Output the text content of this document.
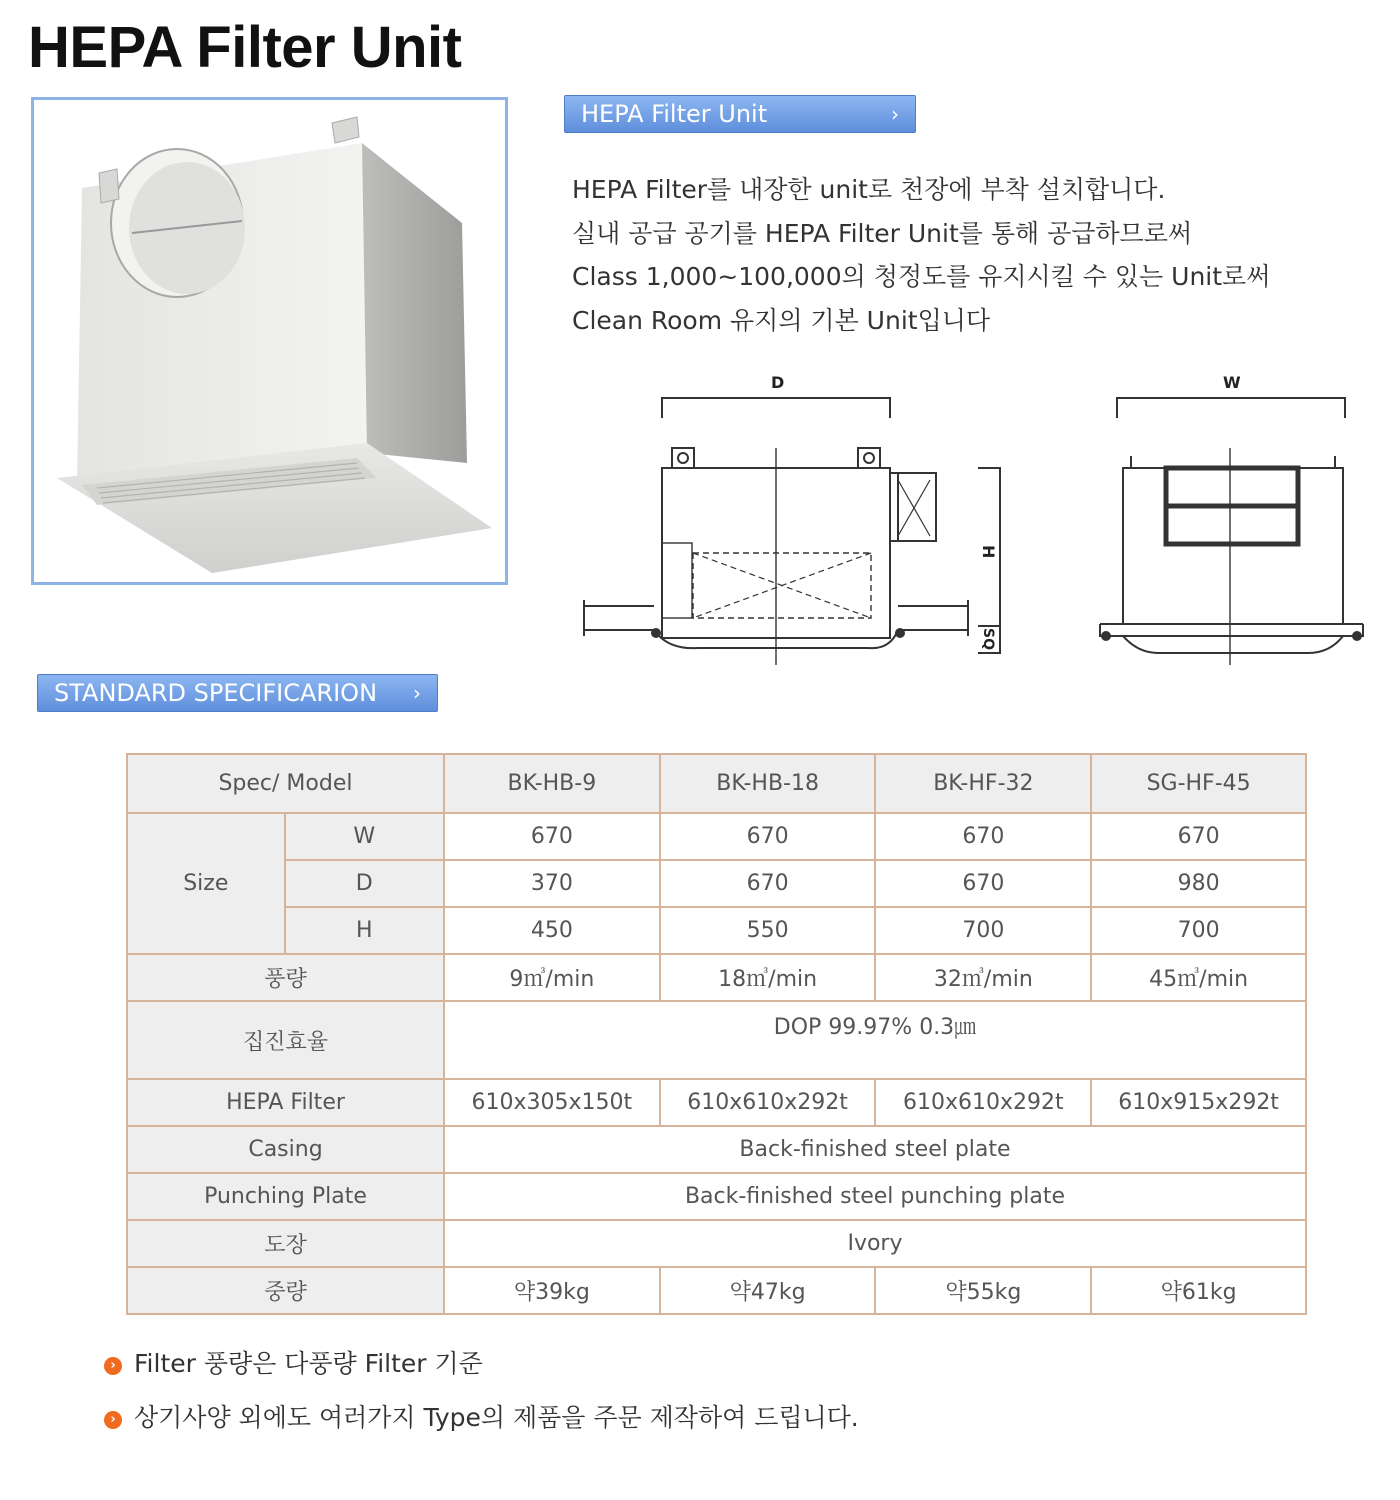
HEPA Filter Unit
HEPA Filter Unit	›
HEPA Filter를 내장한 unit로 천장에 부착 설치합니다.
실내 공급 공기를 HEPA Filter Unit를 통해 공급하므로써
Class 1,000~100,000의 청정도를 유지시킬 수 있는 Unit로써
Clean Room 유지의 기본 Unit입니다
D
H
SQ
W
STANDARD SPECIFICARION ›
Spec/ Model		BK-HB-9	BK-HB-18	BK-HF-32	SG-HF-45
Size	W	670	670	670	670
	D	370	670	670	980
	H	450	550	700	700
풍량		9㎥/min	18㎥/min	32㎥/min	45㎥/min
집진효율		DOP 99.97% 0.3㎛			
HEPA Filter		610x305x150t	610x610x292t	610x610x292t	610x915x292t
Casing		Back-finished steel plate			
Punching Plate		Back-finished steel punching plate			
도장		Ivory			
중량		약39kg	약47kg	약55kg	약61kg
› Filter 풍량은 다풍량 Filter 기준
› 상기사양 외에도 여러가지 Type의 제품을 주문 제작하여 드립니다.
